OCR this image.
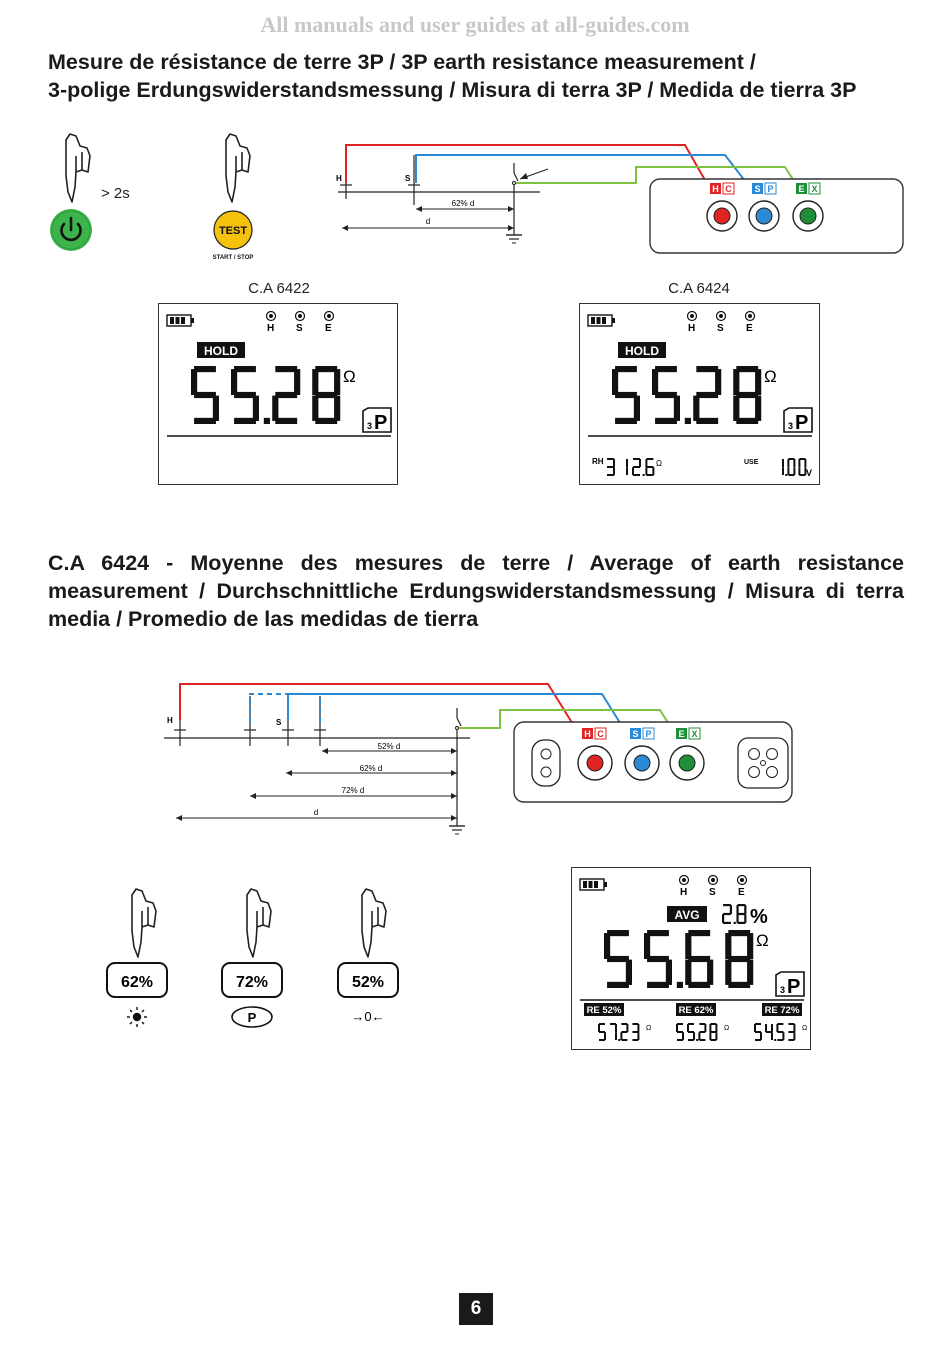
All manuals and user guides at all-guides.com
Mesure de résistance de terre 3P / 3P earth resistance measurement /
3-polige Erdungswiderstandsmessung / Misura di terra 3P / Medida de tierra 3P
> 2s
TEST
START / STOP
H	S
62% d
d
H C	S P	E X
C.A 6422	C.A 6424
H S E
HOLD
Ω
3 P
H S E
HOLD
Ω
3 P
RH	Ω	USE
V
C.A 6424 - Moyenne des mesures de terre / Average of earth resistance measurement / Durchschnittliche Erdungswiderstandsmessung / Misura di terra media / Promedio de las medidas de tierra
H	S
52% d
62% d
72% d
d
H C	S P	E X
62%	72%
P
52%
→0←
H S E
AVG	%
Ω
3 P
RE 52%
Ω
RE 62%
Ω
RE 72%
Ω
6
